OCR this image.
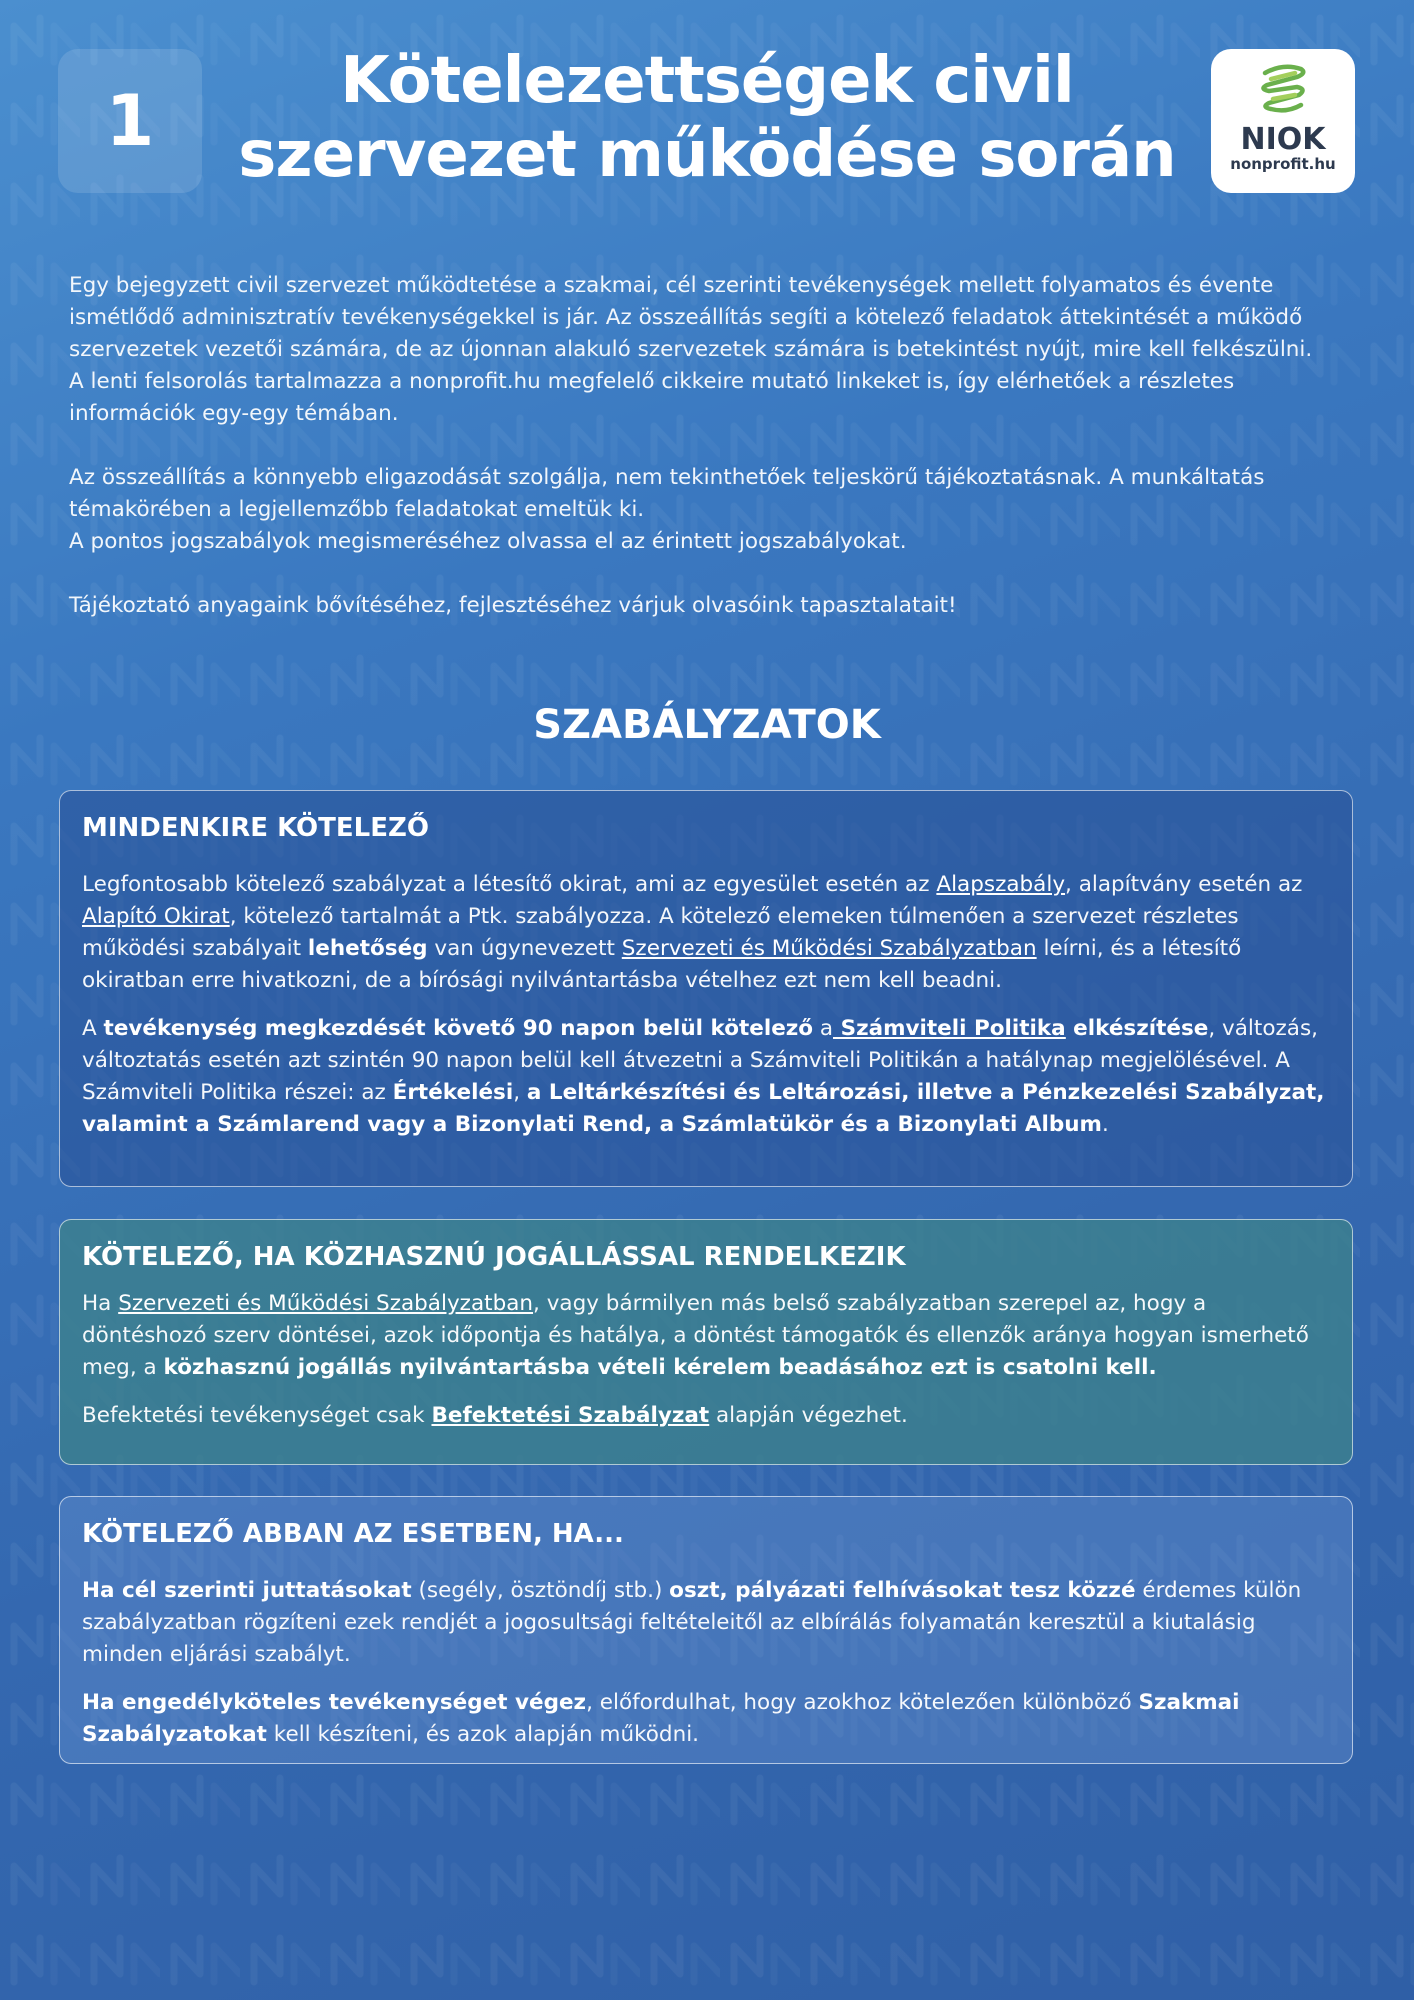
1	Kötelezettségek civil
szervezet működése során NIOK
nonprofit.hu

Egy bejegyzett civil szervezet működtetése a szakmai, cél szerinti tevékenységek mellett folyamatos és évente ismétlődő adminisztratív tevékenységekkel is jár. Az összeállítás segíti a kötelező feladatok áttekintését a működő szervezetek vezetői számára, de az újonnan alakuló szervezetek számára is betekintést nyújt, mire kell felkészülni.

A lenti felsorolás tartalmazza a nonprofit.hu megfelelő cikkeire mutató linkeket is, így elérhetőek a részletes információk egy-egy témában.

Az összeállítás a könnyebb eligazodását szolgálja, nem tekinthetőek teljeskörű tájékoztatásnak. A munkáltatás témakörében a legjellemzőbb feladatokat emeltük ki.

A pontos jogszabályok megismeréséhez olvassa el az érintett jogszabályokat.

Tájékoztató anyagaink bővítéséhez, fejlesztéséhez várjuk olvasóink tapasztalatait!

SZABÁLYZATOK
MINDENKIRE KÖTELEZŐ

Legfontosabb kötelező szabályzat a létesítő okirat, ami az egyesület esetén az Alapszabály, alapítvány esetén az Alapító Okirat, kötelező tartalmát a Ptk. szabályozza. A kötelező elemeken túlmenően a szervezet részletes működési szabályait lehetőség van úgynevezett Szervezeti és Működési Szabályzatban leírni, és a létesítő okiratban erre hivatkozni, de a bírósági nyilvántartásba vételhez ezt nem kell beadni.

A tevékenység megkezdését követő 90 napon belül kötelező a Számviteli Politika elkészítése, változás, változtatás esetén azt szintén 90 napon belül kell átvezetni a Számviteli Politikán a hatálynap megjelölésével. A Számviteli Politika részei: az Értékelési, a Leltárkészítési és Leltározási, illetve a Pénzkezelési Szabályzat, valamint a Számlarend vagy a Bizonylati Rend, a Számlatükör és a Bizonylati Album.

KÖTELEZŐ, HA KÖZHASZNÚ JOGÁLLÁSSAL RENDELKEZIK

Ha Szervezeti és Működési Szabályzatban, vagy bármilyen más belső szabályzatban szerepel az, hogy a döntéshozó szerv döntései, azok időpontja és hatálya, a döntést támogatók és ellenzők aránya hogyan ismerhető meg, a közhasznú jogállás nyilvántartásba vételi kérelem beadásához ezt is csatolni kell.

Befektetési tevékenységet csak Befektetési Szabályzat alapján végezhet.

KÖTELEZŐ ABBAN AZ ESETBEN, HA...

Ha cél szerinti juttatásokat (segély, ösztöndíj stb.) oszt, pályázati felhívásokat tesz közzé érdemes külön szabályzatban rögzíteni ezek rendjét a jogosultsági feltételeitől az elbírálás folyamatán keresztül a kiutalásig minden eljárási szabályt.

Ha engedélyköteles tevékenységet végez, előfordulhat, hogy azokhoz kötelezően különböző Szakmai Szabályzatokat kell készíteni, és azok alapján működni.
